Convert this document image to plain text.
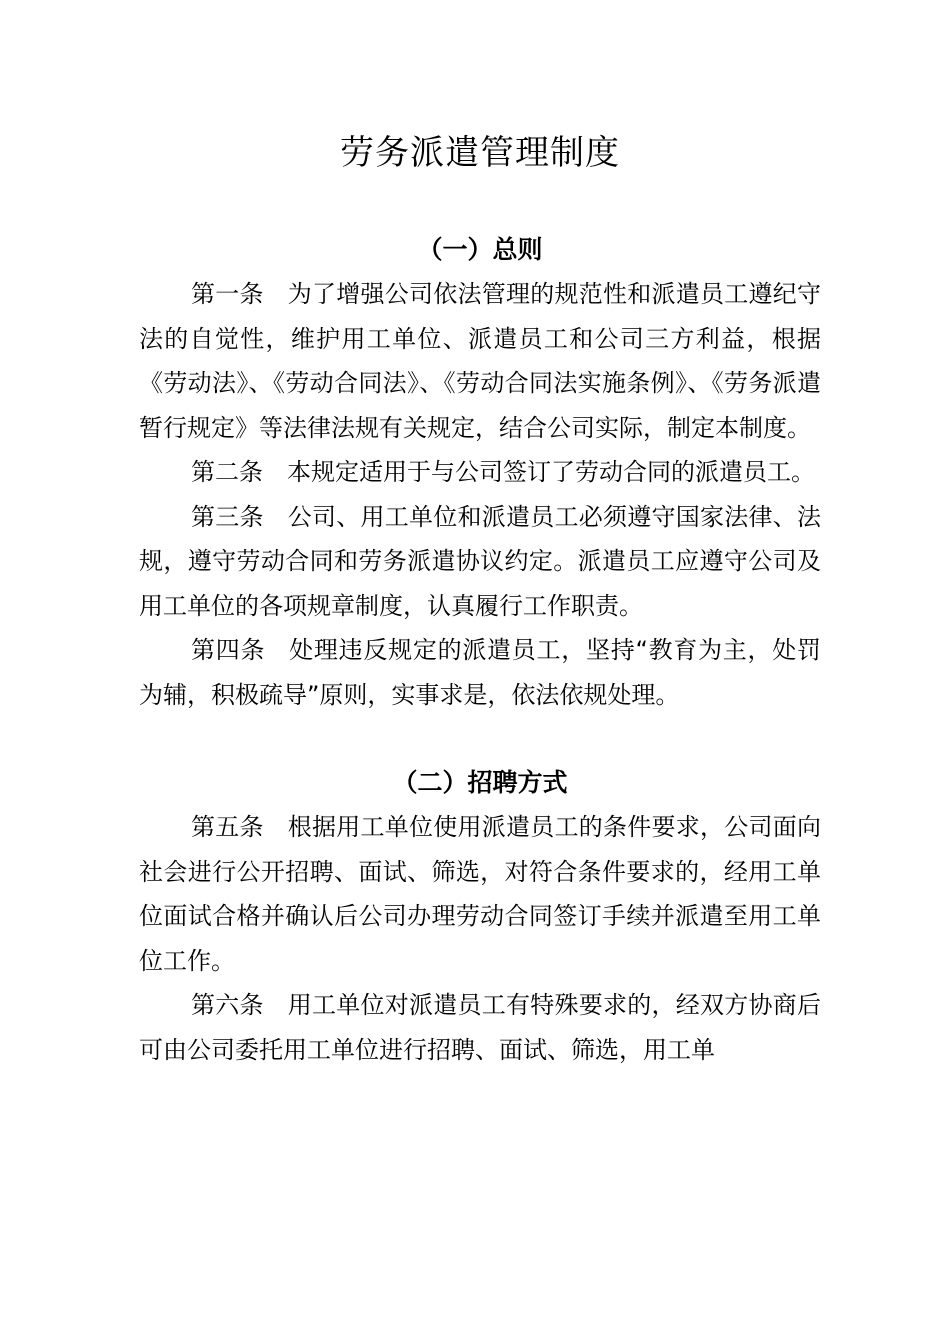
劳务派遣管理制度
（一）总则

第一条 为了增强公司依法管理的规范性和派遣员工遵纪守法的自觉性，维护用工单位、派遣员工和公司三方利益，根据《劳动法》、《劳动合同法》、《劳动合同法实施条例》、《劳务派遣暂行规定》等法律法规有关规定，结合公司实际，制定本制度。

第二条 本规定适用于与公司签订了劳动合同的派遣员工。

第三条 公司、用工单位和派遣员工必须遵守国家法律、法规，遵守劳动合同和劳务派遣协议约定。派遣员工应遵守公司及用工单位的各项规章制度，认真履行工作职责。

第四条 处理违反规定的派遣员工，坚持“教育为主，处罚为辅，积极疏导”原则，实事求是，依法依规处理。

（二）招聘方式

第五条 根据用工单位使用派遣员工的条件要求，公司面向社会进行公开招聘、面试、筛选，对符合条件要求的，经用工单位面试合格并确认后公司办理劳动合同签订手续并派遣至用工单位工作。

第六条 用工单位对派遣员工有特殊要求的，经双方协商后可由公司委托用工单位进行招聘、面试、筛选，用工单
